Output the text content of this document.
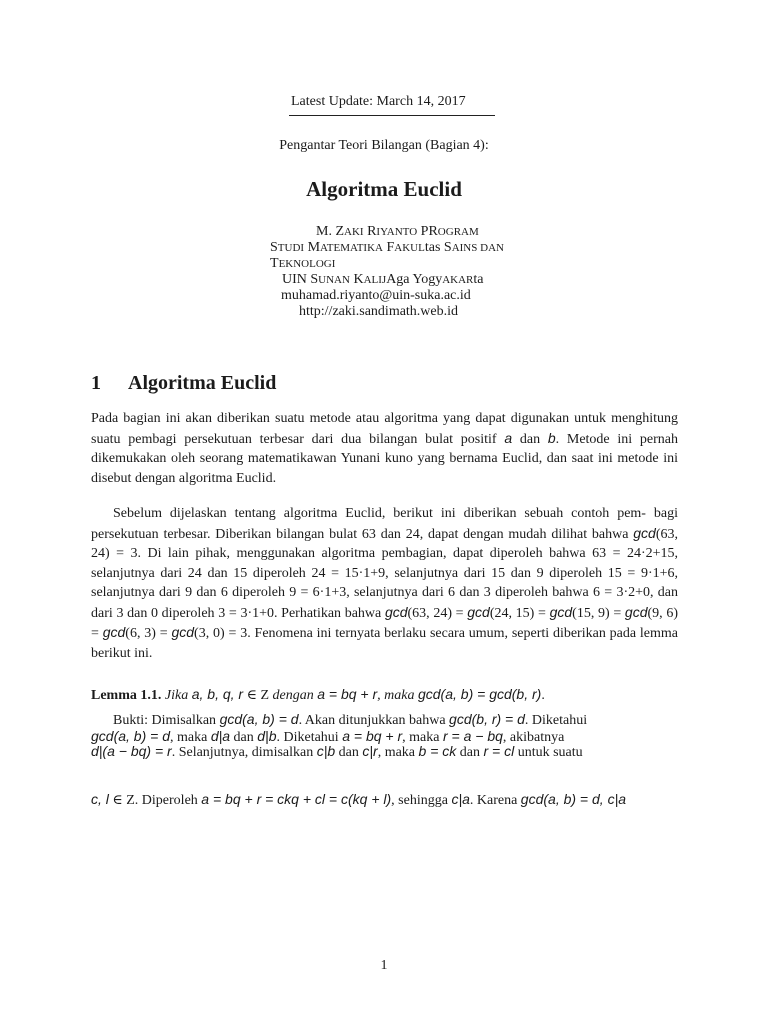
Latest Update: March 14, 2017
Pengantar Teori Bilangan (Bagian 4):
Algoritma Euclid
M. ZAKI RIYANTO PROGRAM
STUDI MATEMATIKA FAKULtas SAINS DAN
TEKNOLOGI
UIN SUNAN KALIJAga YogyAKARta
muhamad.riyanto@uin-suka.ac.id
http://zaki.sandimath.web.id
1 Algoritma Euclid
Pada bagian ini akan diberikan suatu metode atau algoritma yang dapat digunakan untuk menghitung suatu pembagi persekutuan terbesar dari dua bilangan bulat positif a dan b. Metode ini pernah dikemukakan oleh seorang matematikawan Yunani kuno yang bernama Euclid, dan saat ini metode ini disebut dengan algoritma Euclid.
Sebelum dijelaskan tentang algoritma Euclid, berikut ini diberikan sebuah contoh pem- bagi persekutuan terbesar. Diberikan bilangan bulat 63 dan 24, dapat dengan mudah dilihat bahwa gcd(63, 24) = 3. Di lain pihak, menggunakan algoritma pembagian, dapat diperoleh bahwa 63 = 24·2+15, selanjutnya dari 24 dan 15 diperoleh 24 = 15·1+9, selanjutnya dari 15 dan 9 diperoleh 15 = 9·1+6, selanjutnya dari 9 dan 6 diperoleh 9 = 6·1+3, selanjutnya dari 6 dan 3 diperoleh bahwa 6 = 3·2+0, dan dari 3 dan 0 diperoleh 3 = 3·1+0. Perhatikan bahwa gcd(63, 24) = gcd(24, 15) = gcd(15, 9) = gcd(9, 6) = gcd(6, 3) = gcd(3, 0) = 3. Fenomena ini ternyata berlaku secara umum, seperti diberikan pada lemma berikut ini.
Lemma 1.1. Jika a, b, q, r ∈ Z dengan a = bq + r, maka gcd(a, b) = gcd(b, r).
Bukti: Dimisalkan gcd(a, b) = d. Akan ditunjukkan bahwa gcd(b, r) = d. Diketahui
gcd(a, b) = d, maka d|a dan d|b. Diketahui a = bq + r, maka r = a − bq, akibatnya
d|(a − bq) = r. Selanjutnya, dimisalkan c|b dan c|r, maka b = ck dan r = cl untuk suatu
c, l ∈ Z. Diperoleh a = bq + r = ckq + cl = c(kq + l), sehingga c|a. Karena gcd(a, b) = d, c|a
1
